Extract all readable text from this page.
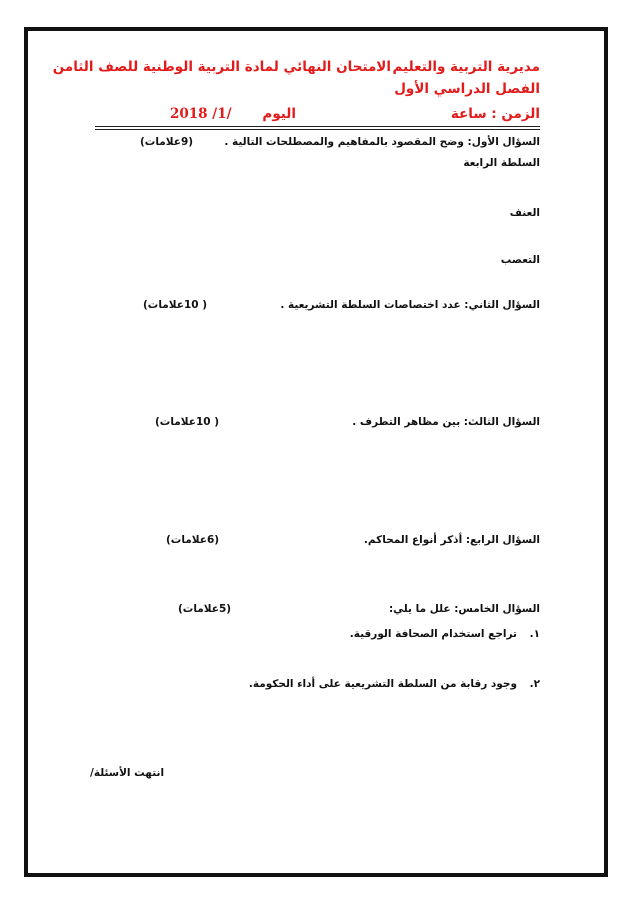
مديرية التربية والتعليم
الامتحان النهائي لمادة التربية الوطنية للصف الثامن
الفصل الدراسي الأول
الزمن : ساعة
اليوم
2018 /1/
السؤال الأول: وضح المقصود بالمفاهيم والمصطلحات التالية .
(9علامات)
السلطة الرابعة
العنف
التعصب
السؤال الثاني: عدد اختصاصات السلطة التشريعية .
( 10علامات)
السؤال الثالث: بين مظاهر التطرف .
( 10علامات)
السؤال الرابع: أذكر أنواع المحاكم.
(6علامات)
السؤال الخامس: علل ما يلي:
(5علامات)
١.
تراجع استخدام الصحافة الورقية.
٢.
وجود رقابة من السلطة التشريعية على أداء الحكومة.
انتهت الأسئلة/
